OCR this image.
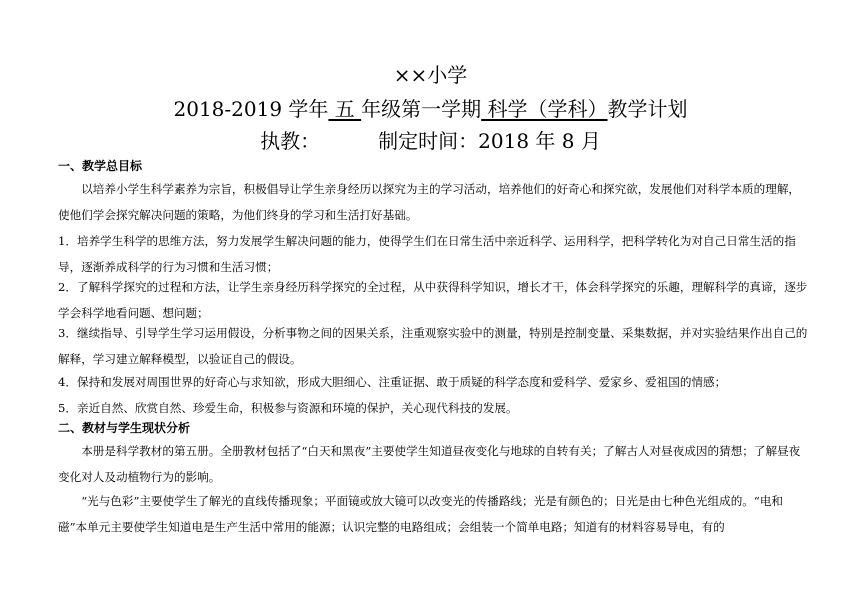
××小学
2018-2019 学年 五 年级第一学期 科学（学科）教学计划
执教：	制定时间：2018 年 8 月
一、教学总目标
以培养小学生科学素养为宗旨，积极倡导让学生亲身经历以探究为主的学习活动，培养他们的好奇心和探究欲，发展他们对科学本质的理解，使他们学会探究解决问题的策略，为他们终身的学习和生活打好基础。
1．培养学生科学的思维方法，努力发展学生解决问题的能力，使得学生们在日常生活中亲近科学、运用科学，把科学转化为对自己日常生活的指导，逐渐养成科学的行为习惯和生活习惯；
2．了解科学探究的过程和方法，让学生亲身经历科学探究的全过程，从中获得科学知识，增长才干，体会科学探究的乐趣，理解科学的真谛，逐步学会科学地看问题、想问题；
3．继续指导、引导学生学习运用假设，分析事物之间的因果关系，注重观察实验中的测量，特别是控制变量、采集数据，并对实验结果作出自己的解释，学习建立解释模型，以验证自己的假设。
4．保持和发展对周围世界的好奇心与求知欲，形成大胆细心、注重证据、敢于质疑的科学态度和爱科学、爱家乡、爱祖国的情感；
5．亲近自然、欣赏自然、珍爱生命，积极参与资源和环境的保护，关心现代科技的发展。
二、教材与学生现状分析
本册是科学教材的第五册。全册教材包括了“白天和黑夜”主要使学生知道昼夜变化与地球的自转有关；了解古人对昼夜成因的猜想；了解昼夜变化对人及动植物行为的影响。
“光与色彩”主要使学生了解光的直线传播现象；平面镜或放大镜可以改变光的传播路线；光是有颜色的；日光是由七种色光组成的。“电和磁”本单元主要使学生知道电是生产生活中常用的能源；认识完整的电路组成；会组装一个简单电路；知道有的材料容易导电，有的
